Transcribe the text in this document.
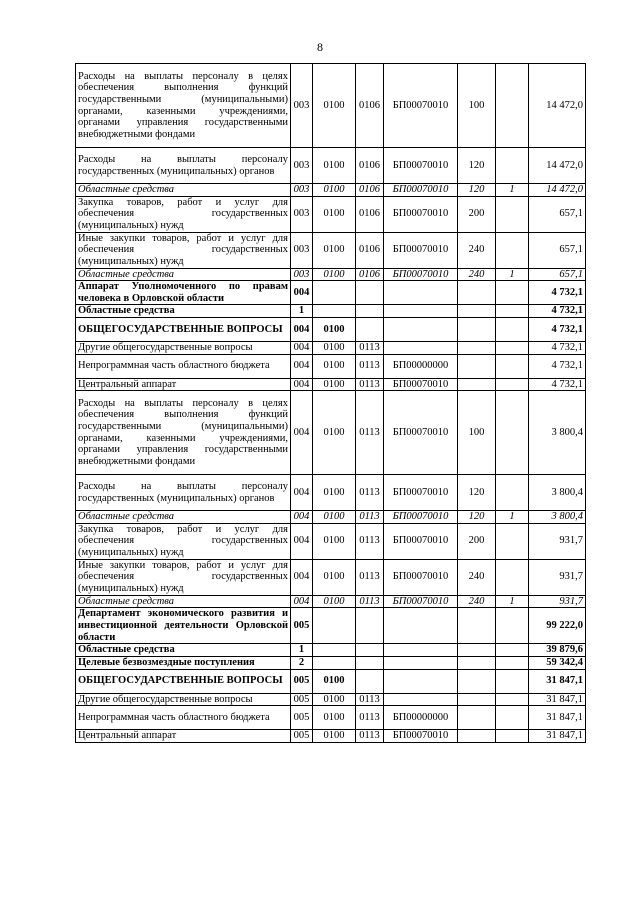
8
Расходы на выплаты персоналу в целях обеспечения выполнения функций государственными (муниципальными) органами, казенными учреждениями, органами управления государственными внебюджетными фондами	003	0100	0106	БП00070010	100		14 472,0
Расходы на выплаты персоналу государственных (муниципальных) органов	003	0100	0106	БП00070010	120		14 472,0
Областные средства	003	0100	0106	БП00070010	120	1	14 472,0
Закупка товаров, работ и услуг для обеспечения государственных (муниципальных) нужд	003	0100	0106	БП00070010	200		657,1
Иные закупки товаров, работ и услуг для обеспечения государственных (муниципальных) нужд	003	0100	0106	БП00070010	240		657,1
Областные средства	003	0100	0106	БП00070010	240	1	657,1
Аппарат Уполномоченного по правам человека в Орловской области	004						4 732,1
Областные средства	1						4 732,1
ОБЩЕГОСУДАРСТВЕННЫЕ ВОПРОСЫ	004	0100					4 732,1
Другие общегосударственные вопросы	004	0100	0113				4 732,1
Непрограммная часть областного бюджета	004	0100	0113	БП00000000			4 732,1
Центральный аппарат	004	0100	0113	БП00070010			4 732,1
Расходы на выплаты персоналу в целях обеспечения выполнения функций государственными (муниципальными) органами, казенными учреждениями, органами управления государственными внебюджетными фондами	004	0100	0113	БП00070010	100		3 800,4
Расходы на выплаты персоналу государственных (муниципальных) органов	004	0100	0113	БП00070010	120		3 800,4
Областные средства	004	0100	0113	БП00070010	120	1	3 800,4
Закупка товаров, работ и услуг для обеспечения государственных (муниципальных) нужд	004	0100	0113	БП00070010	200		931,7
Иные закупки товаров, работ и услуг для обеспечения государственных (муниципальных) нужд	004	0100	0113	БП00070010	240		931,7
Областные средства	004	0100	0113	БП00070010	240	1	931,7
Департамент экономического развития и инвестиционной деятельности Орловской области	005						99 222,0
Областные средства	1						39 879,6
Целевые безвозмездные поступления	2						59 342,4
ОБЩЕГОСУДАРСТВЕННЫЕ ВОПРОСЫ	005	0100					31 847,1
Другие общегосударственные вопросы	005	0100	0113				31 847,1
Непрограммная часть областного бюджета	005	0100	0113	БП00000000			31 847,1
Центральный аппарат	005	0100	0113	БП00070010			31 847,1
